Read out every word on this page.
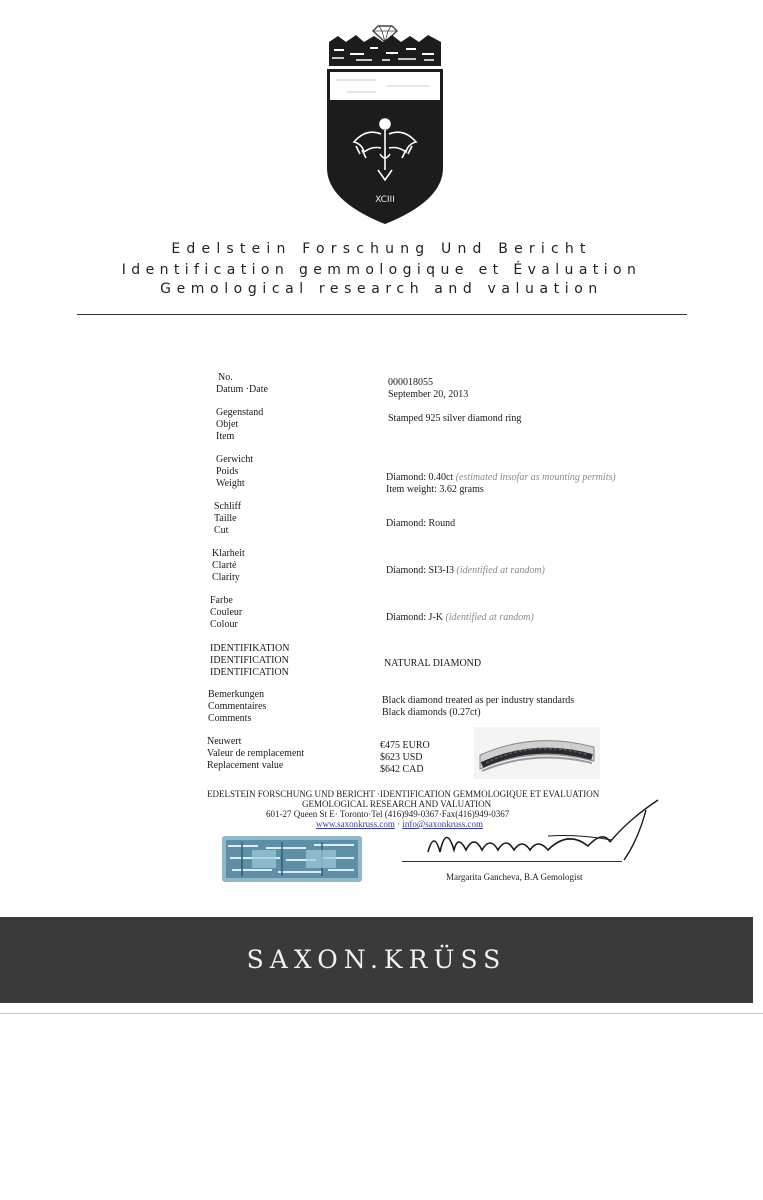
XCIII
Edelstein Forschung Und Bericht
Identification gemmologique et Évaluation
Gemological research and valuation
No.
Datum ·Date
000018055
September 20, 2013
Gegenstand
Objet
Item
Stamped 925 silver diamond ring
Gerwicht
Poids
Weight
Diamond: 0.40ct (estimated insofar as mounting permits)
Item weight: 3.62 grams
Schliff
Taille
Cut
Diamond: Round
Klarheit
Clarté
Clarity
Diamond: SI3-I3 (identified at random)
Farbe
Couleur
Colour
Diamond: J-K (identified at random)
IDENTIFIKATION
IDENTIFICATION
IDENTIFICATION
NATURAL DIAMOND
Bemerkungen
Commentaires
Comments
Black diamond treated as per industry standards
Black diamonds (0.27ct)
Neuwert
Valeur de remplacement
Replacement value
€475 EURO
$623 USD
$642 CAD
EDELSTEIN FORSCHUNG UND BERICHT ·IDENTIFICATION GEMMOLOGIQUE ET EVALUATION
GEMOLOGICAL RESEARCH AND VALUATION
601-27 Queen St E· Toronto·Tel (416)949-0367·Fax(416)949-0367
www.saxonkruss.com · info@saxonkruss.com
Margarita Gancheva, B.A Gemologist
SAXON.KRÜSS
